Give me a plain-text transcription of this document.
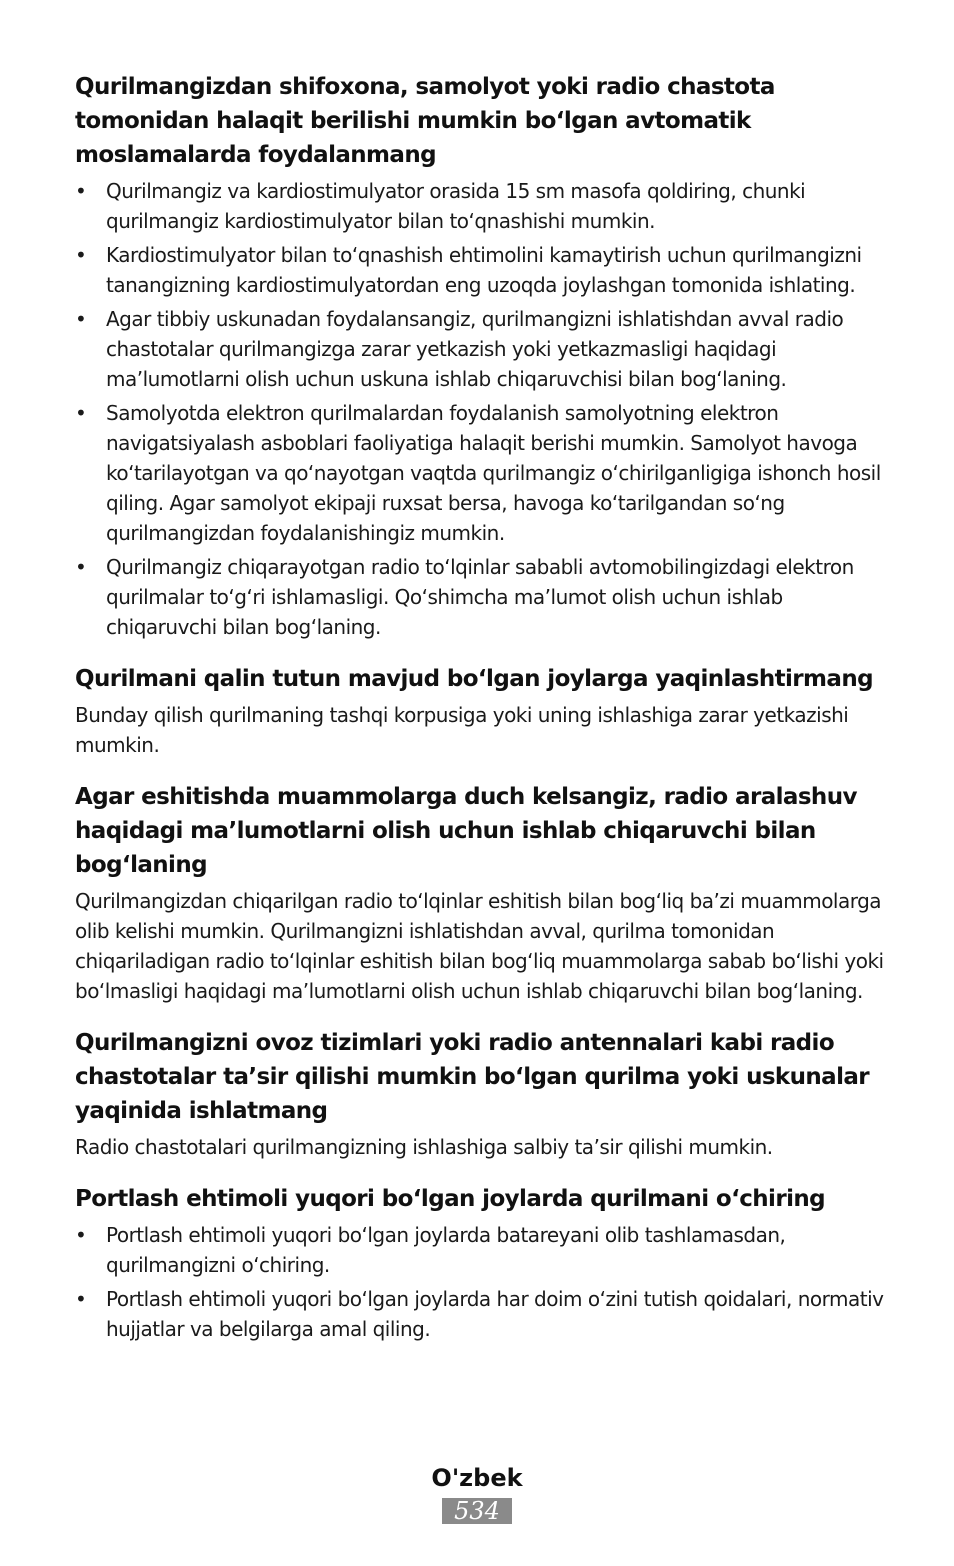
Qurilmangizdan shifoxona, samolyot yoki radio chastota tomonidan halaqit berilishi mumkin bo‘lgan avtomatik moslamalarda foydalanmang
• Qurilmangiz va kardiostimulyator orasida 15 sm masofa qoldiring, chunki qurilmangiz kardiostimulyator bilan to‘qnashishi mumkin.
• Kardiostimulyator bilan to‘qnashish ehtimolini kamaytirish uchun qurilmangizni tanangizning kardiostimulyatordan eng uzoqda joylashgan tomonida ishlating.
• Agar tibbiy uskunadan foydalansangiz, qurilmangizni ishlatishdan avval radio chastotalar qurilmangizga zarar yetkazish yoki yetkazmasligi haqidagi ma’lumotlarni olish uchun uskuna ishlab chiqaruvchisi bilan bog‘laning.
• Samolyotda elektron qurilmalardan foydalanish samolyotning elektron navigatsiyalash asboblari faoliyatiga halaqit berishi mumkin. Samolyot havoga ko‘tarilayotgan va qo‘nayotgan vaqtda qurilmangiz o‘chirilganligiga ishonch hosil qiling. Agar samolyot ekipaji ruxsat bersa, havoga ko‘tarilgandan so‘ng qurilmangizdan foydalanishingiz mumkin.
• Qurilmangiz chiqarayotgan radio to‘lqinlar sababli avtomobilingizdagi elektron qurilmalar to‘g‘ri ishlamasligi. Qo‘shimcha ma’lumot olish uchun ishlab chiqaruvchi bilan bog‘laning.
Qurilmani qalin tutun mavjud bo‘lgan joylarga yaqinlashtirmang

Bunday qilish qurilmaning tashqi korpusiga yoki uning ishlashiga zarar yetkazishi mumkin.

Agar eshitishda muammolarga duch kelsangiz, radio aralashuv haqidagi ma’lumotlarni olish uchun ishlab chiqaruvchi bilan bog‘laning

Qurilmangizdan chiqarilgan radio to‘lqinlar eshitish bilan bog‘liq ba’zi muammolarga olib kelishi mumkin. Qurilmangizni ishlatishdan avval, qurilma tomonidan chiqariladigan radio to‘lqinlar eshitish bilan bog‘liq muammolarga sabab bo‘lishi yoki bo‘lmasligi haqidagi ma’lumotlarni olish uchun ishlab chiqaruvchi bilan bog‘laning.

Qurilmangizni ovoz tizimlari yoki radio antennalari kabi radio chastotalar ta’sir qilishi mumkin bo‘lgan qurilma yoki uskunalar yaqinida ishlatmang

Radio chastotalari qurilmangizning ishlashiga salbiy ta’sir qilishi mumkin.

Portlash ehtimoli yuqori bo‘lgan joylarda qurilmani o‘chiring
• Portlash ehtimoli yuqori bo‘lgan joylarda batareyani olib tashlamasdan, qurilmangizni o‘chiring.
• Portlash ehtimoli yuqori bo‘lgan joylarda har doim o‘zini tutish qoidalari, normativ hujjatlar va belgilarga amal qiling.
O'zbek
534
